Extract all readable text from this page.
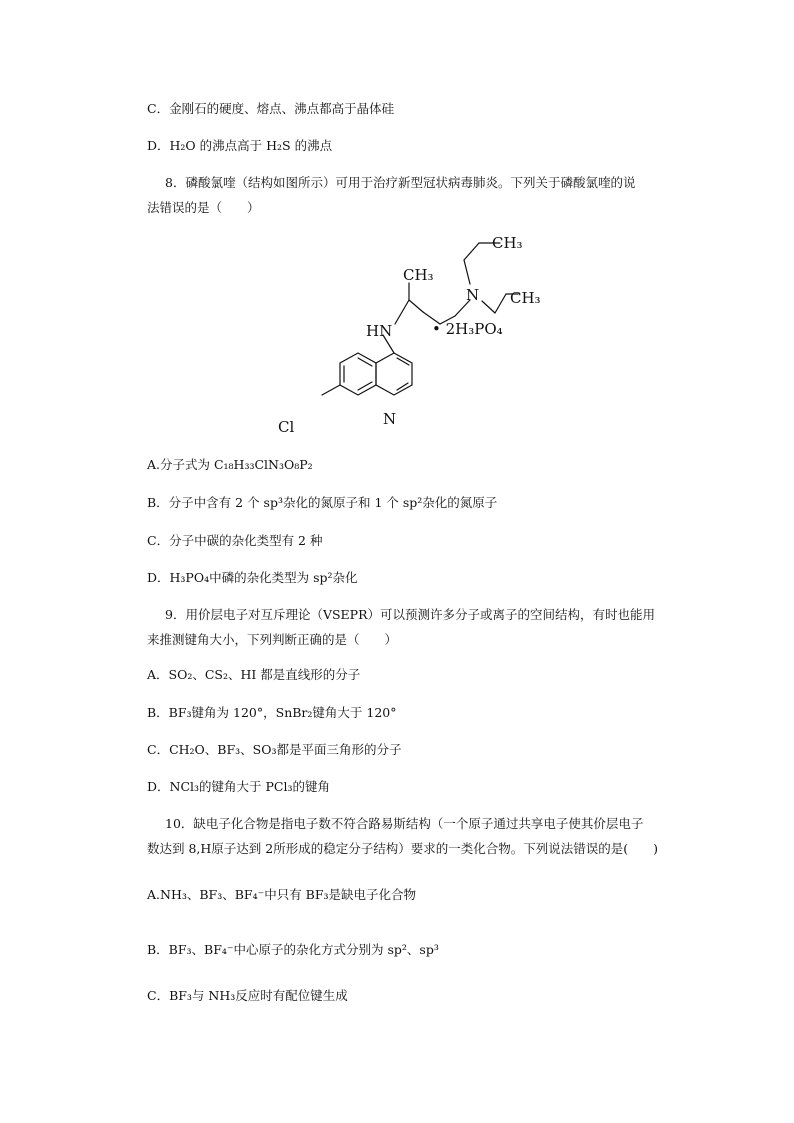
C．金刚石的硬度、熔点、沸点都高于晶体硅
D．H₂O 的沸点高于 H₂S 的沸点
8．磷酸氯喹（结构如图所示）可用于治疗新型冠状病毒肺炎。下列关于磷酸氯喹的说
法错误的是（　　）
CH₃
CH₃
CH₃
N
HN	• 2H₃PO₄
Cl	N
A.分子式为 C₁₈H₃₃ClN₃O₈P₂
B．分子中含有 2 个 sp³杂化的氮原子和 1 个 sp²杂化的氮原子
C．分子中碳的杂化类型有 2 种
D．H₃PO₄中磷的杂化类型为 sp²杂化
9．用价层电子对互斥理论（VSEPR）可以预测许多分子或离子的空间结构，有时也能用
来推测键角大小，下列判断正确的是（　　）
A．SO₂、CS₂、HI 都是直线形的分子
B．BF₃键角为 120°，SnBr₂键角大于 120°
C．CH₂O、BF₃、SO₃都是平面三角形的分子
D．NCl₃的键角大于 PCl₃的键角
10．缺电子化合物是指电子数不符合路易斯结构（一个原子通过共享电子使其价层电子
数达到 8,H原子达到 2所形成的稳定分子结构）要求的一类化合物。下列说法错误的是(　　)
A.NH₃、BF₃、BF₄⁻中只有 BF₃是缺电子化合物
B．BF₃、BF₄⁻中心原子的杂化方式分别为 sp²、sp³
C．BF₃与 NH₃反应时有配位键生成
